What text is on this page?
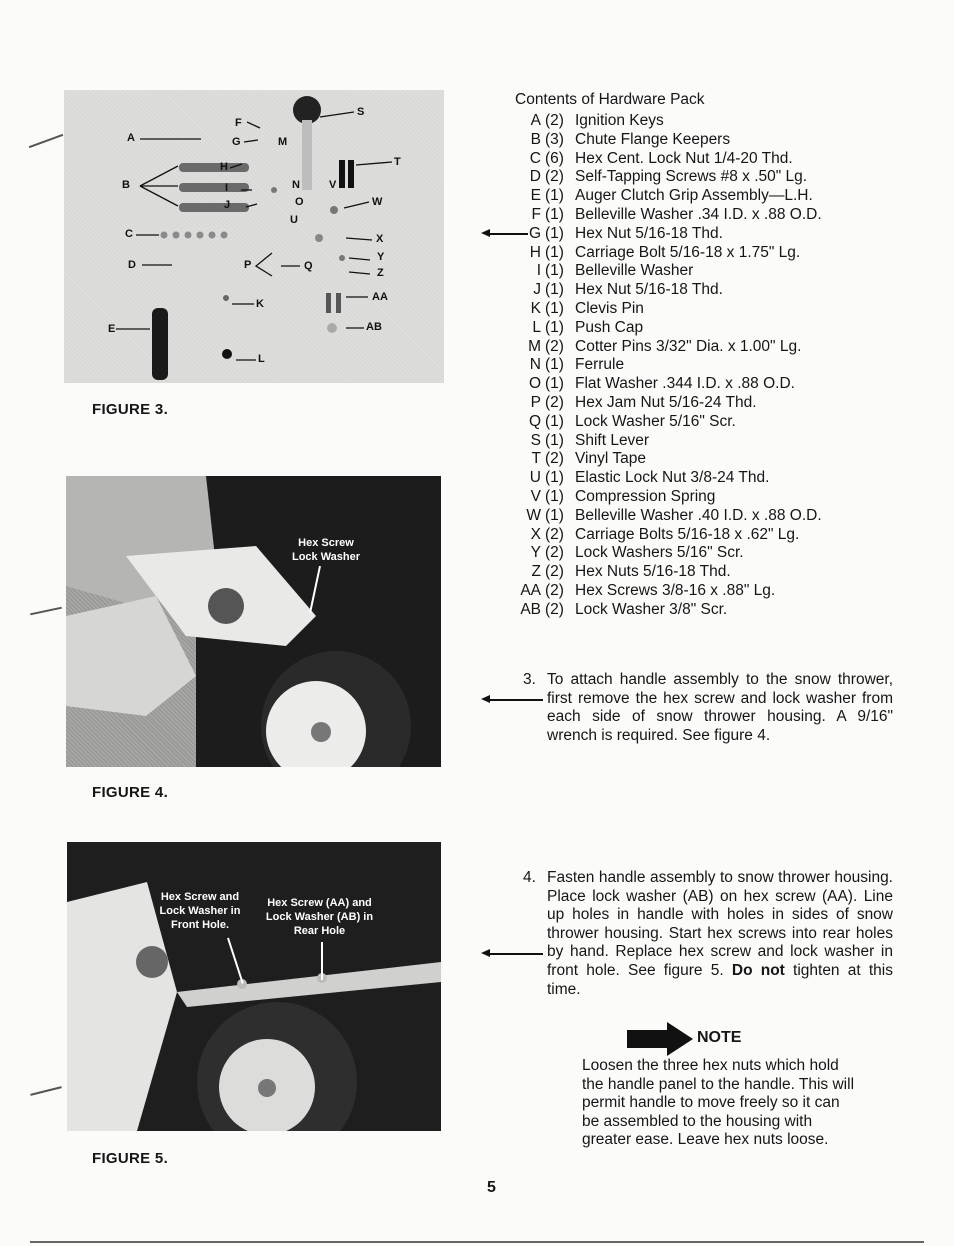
A
B
C
D
E
F
G
H
I
J
K
L
M
N
O
P	Q
S
T
U
V
W
X
Y
Z
AA
AB
FIGURE 3.
Hex Screw
Lock Washer
FIGURE 4.
Hex Screw and
Lock Washer in
Front Hole.
Hex Screw (AA) and
Lock Washer (AB) in
Rear Hole
FIGURE 5.
Contents of Hardware Pack
A (2) Ignition Keys
B (3) Chute Flange Keepers
C (6) Hex Cent. Lock Nut 1/4-20 Thd.
D (2) Self-Tapping Screws #8 x .50" Lg.
E (1) Auger Clutch Grip Assembly—L.H.
F (1) Belleville Washer .34 I.D. x .88 O.D.
G (1) Hex Nut 5/16-18 Thd.
H (1) Carriage Bolt 5/16-18 x 1.75" Lg.
I (1) Belleville Washer
J (1) Hex Nut 5/16-18 Thd.
K (1) Clevis Pin
L (1) Push Cap
M (2) Cotter Pins 3/32" Dia. x 1.00" Lg.
N (1) Ferrule
O (1) Flat Washer .344 I.D. x .88 O.D.
P (2) Hex Jam Nut 5/16-24 Thd.
Q (1) Lock Washer 5/16" Scr.
S (1) Shift Lever
T (2) Vinyl Tape
U (1) Elastic Lock Nut 3/8-24 Thd.
V (1) Compression Spring
W (1) Belleville Washer .40 I.D. x .88 O.D.
X (2) Carriage Bolts 5/16-18 x .62" Lg.
Y (2) Lock Washers 5/16" Scr.
Z (2) Hex Nuts 5/16-18 Thd.
AA (2) Hex Screws 3/8-16 x .88" Lg.
AB (2) Lock Washer 3/8" Scr.
3. To attach handle assembly to the snow thrower, first remove the hex screw and lock washer from each side of snow thrower housing. A 9/16" wrench is required. See figure 4.
4. Fasten handle assembly to snow thrower housing. Place lock washer (AB) on hex screw (AA). Line up holes in handle with holes in sides of snow thrower housing. Start hex screws into rear holes by hand. Replace hex screw and lock washer in front hole. See figure 5. Do not tighten at this time.
NOTE
Loosen the three hex nuts which hold the handle panel to the handle. This will permit handle to move freely so it can be assembled to the housing with greater ease. Leave hex nuts loose.
5
